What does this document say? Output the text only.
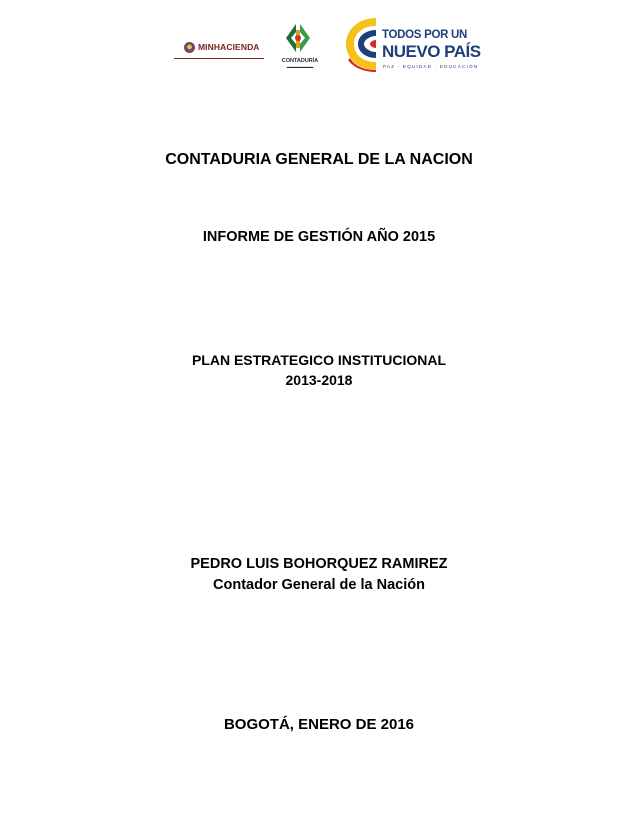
MINHACIENDA
CONTADURÍA
▬▬▬▬▬▬▬
TODOS POR UN
NUEVO PAÍS
PAZ · EQUIDAD · EDUCACIÓN
CONTADURIA GENERAL DE LA NACION
INFORME DE GESTIÓN AÑO 2015
PLAN ESTRATEGICO INSTITUCIONAL
2013-2018
PEDRO LUIS BOHORQUEZ RAMIREZ
Contador General de la Nación
BOGOTÁ, ENERO DE 2016
